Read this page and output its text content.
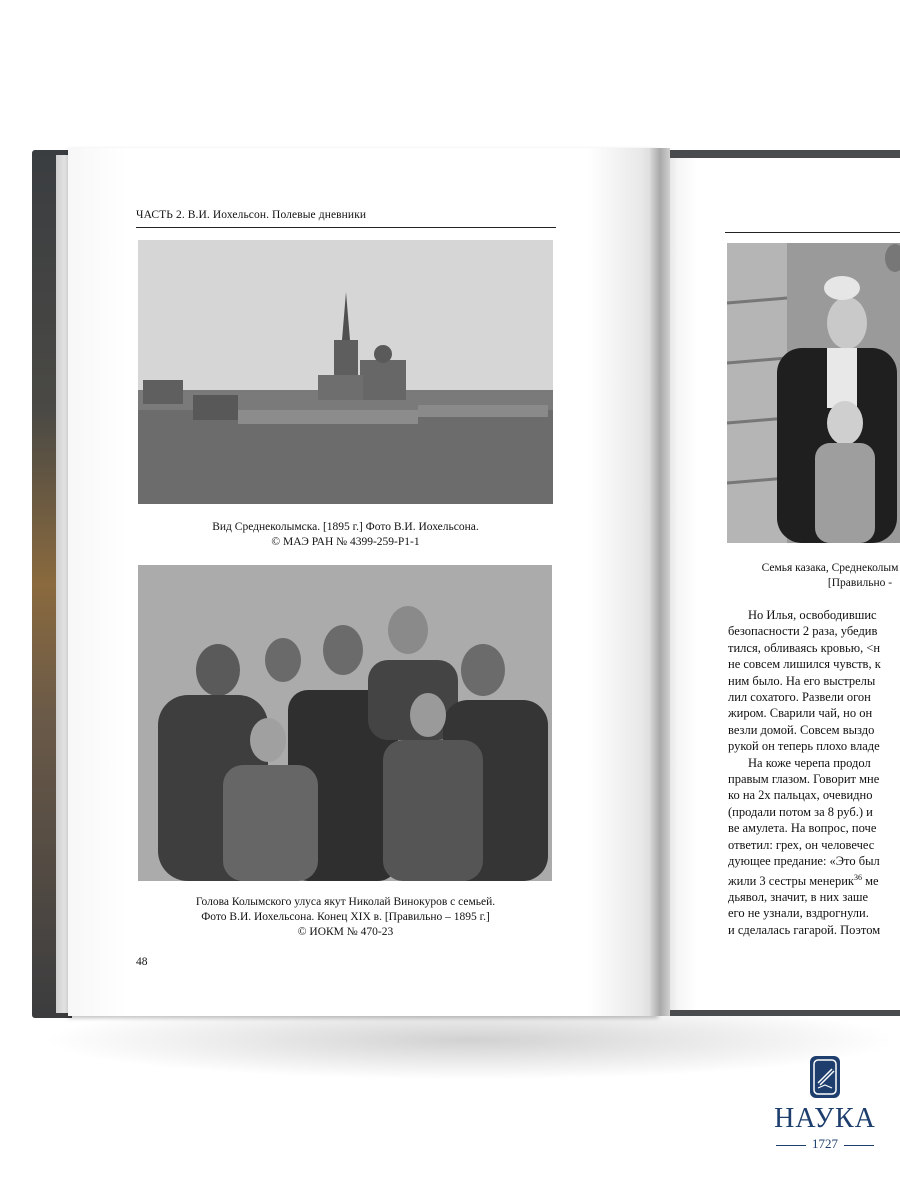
ЧАСТЬ 2. В.И. Иохельсон. Полевые дневники
Вид Среднеколымска. [1895 г.] Фото В.И. Иохельсона.
© МАЭ РАН № 4399-259-Р1-1
Голова Колымского улуса якут Николай Винокуров с семьей.
Фото В.И. Иохельсона. Конец XIX в. [Правильно – 1895 г.]
© ИОКМ № 470-23
48
Семья казака, Среднеколым
[Правильно -
Но Илья, освободившис
безопасности 2 раза, убедив
тился, обливаясь кровью, <н
не совсем лишился чувств, к
ним было. На его выстрелы
лил сохатого. Развели огон
жиром. Сварили чай, но он
везли домой. Совсем выздо
рукой он теперь плохо владе
На коже черепа продол
правым глазом. Говорит мне
ко на 2х пальцах, очевидно
(продали потом за 8 руб.) и
ве амулета. На вопрос, поче
ответил: грех, он человечес
дующее предание: «Это был
жили 3 сестры менерик$^{36}$ ме
дьявол, значит, в них заше
его не узнали, вздрогнули.
и сделалась гагарой. Поэтом
НАУКА
1727
